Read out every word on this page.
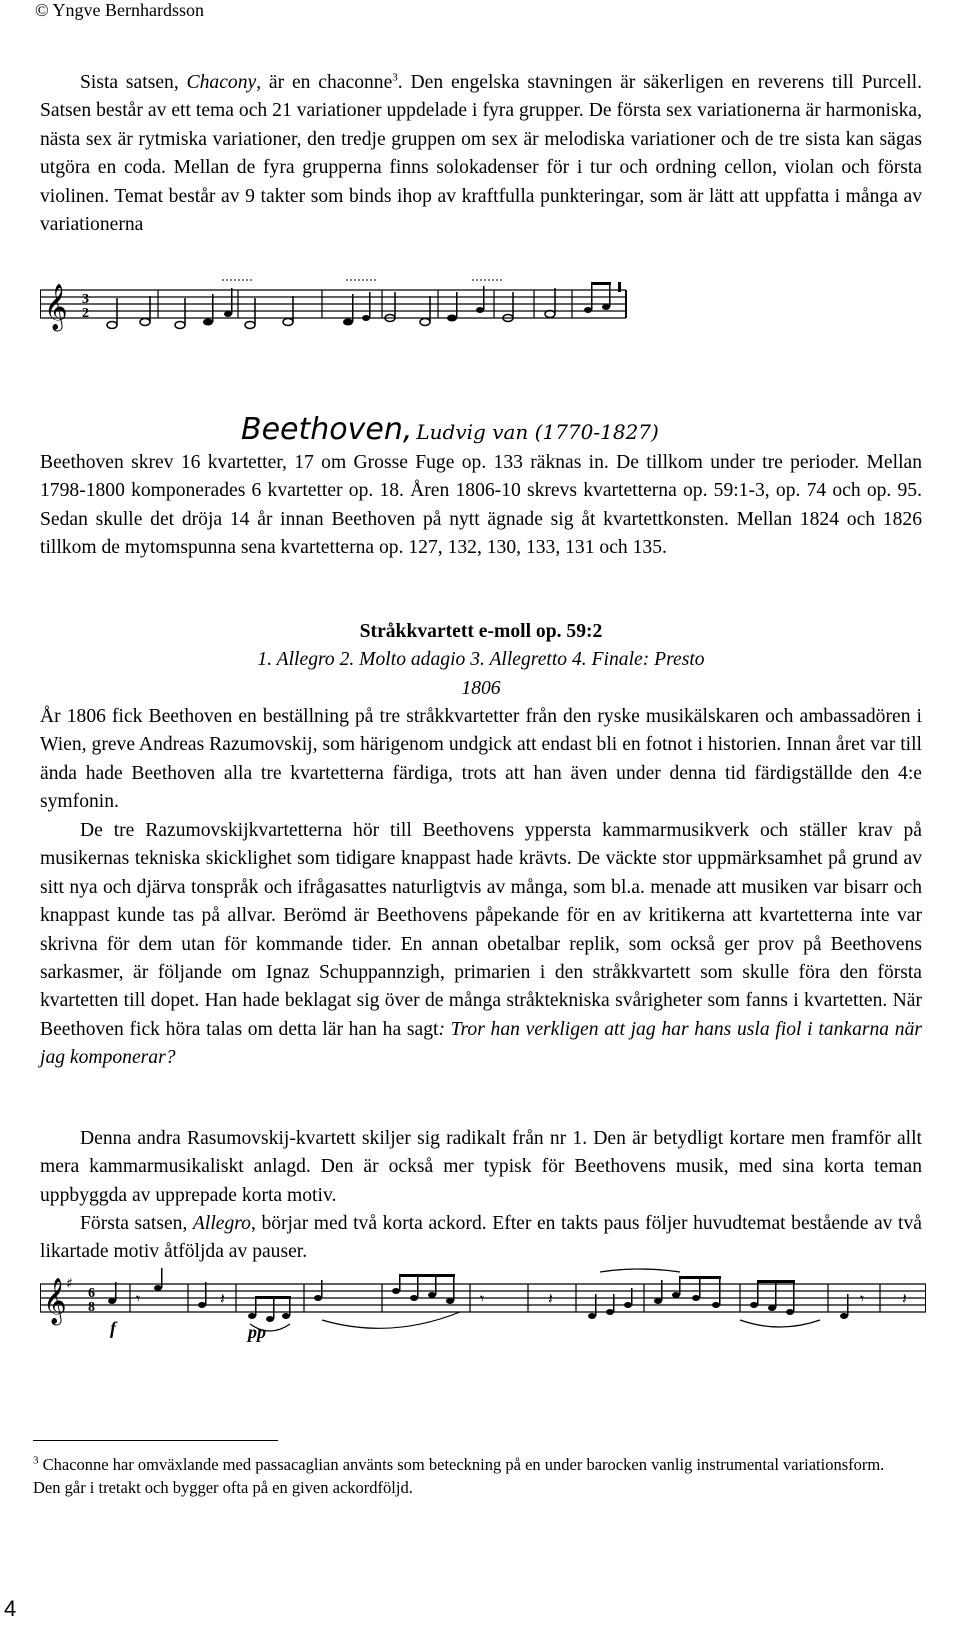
© Yngve Bernhardsson
Sista satsen, Chacony, är en chaconne$^3$. Den engelska stavningen är säkerligen en reverens till Purcell. Satsen består av ett tema och 21 variationer uppdelade i fyra grupper. De första sex variationerna är harmoniska, nästa sex är rytmiska variationer, den tredje gruppen om sex är melodiska variationer och de tre sista kan sägas utgöra en coda. Mellan de fyra grupperna finns solokadenser för i tur och ordning cellon, violan och första violinen. Temat består av 9 takter som binds ihop av kraftfulla punkteringar, som är lätt att uppfatta i många av variationerna
𝄞 3
2
Beethoven, Ludvig van (1770-1827)
Beethoven skrev 16 kvartetter, 17 om Grosse Fuge op. 133 räknas in. De tillkom under tre perioder. Mellan 1798-1800 komponerades 6 kvartetter op. 18. Åren 1806-10 skrevs kvartetterna op. 59:1-3, op. 74 och op. 95. Sedan skulle det dröja 14 år innan Beethoven på nytt ägnade sig åt kvartettkonsten. Mellan 1824 och 1826 tillkom de mytomspunna sena kvartetterna op. 127, 132, 130, 133, 131 och 135.
Stråkkvartett e-moll op. 59:2
1. Allegro 2. Molto adagio 3. Allegretto 4. Finale: Presto
1806
År 1806 fick Beethoven en beställning på tre stråkkvartetter från den ryske musikälskaren och ambassadören i Wien, greve Andreas Razumovskij, som härigenom undgick att endast bli en fotnot i historien. Innan året var till ända hade Beethoven alla tre kvartetterna färdiga, trots att han även under denna tid färdigställde den 4:e symfonin.
De tre Razumovskijkvartetterna hör till Beethovens yppersta kammarmusikverk och ställer krav på musikernas tekniska skicklighet som tidigare knappast hade krävts. De väckte stor uppmärksamhet på grund av sitt nya och djärva tonspråk och ifrågasattes naturligtvis av många, som bl.a. menade att musiken var bisarr och knappast kunde tas på allvar. Berömd är Beethovens påpekande för en av kritikerna att kvartetterna inte var skrivna för dem utan för kommande tider. En annan obetalbar replik, som också ger prov på Beethovens sarkasmer, är följande om Ignaz Schuppannzigh, primarien i den stråkkvartett som skulle föra den första kvartetten till dopet. Han hade beklagat sig över de många stråktekniska svårigheter som fanns i kvartetten. När Beethoven fick höra talas om detta lär han ha sagt: Tror han verkligen att jag har hans usla fiol i tankarna när jag komponerar?
Denna andra Rasumovskij-kvartett skiljer sig radikalt från nr 1. Den är betydligt kortare men framför allt mera kammarmusikaliskt anlagd. Den är också mer typisk för Beethovens musik, med sina korta teman uppbyggda av upprepade korta motiv.
Första satsen, Allegro, börjar med två korta ackord. Efter en takts paus följer huvudtemat bestående av två likartade motiv åtföljda av pauser.
𝄞 ♯
6
8
f	pp
𝄾	𝄽	𝄾	𝄽	𝄾 𝄽
$^3$ Chaconne har omväxlande med passacaglian använts som beteckning på en under barocken vanlig instrumental variationsform. Den går i tretakt och bygger ofta på en given ackordföljd.
4
